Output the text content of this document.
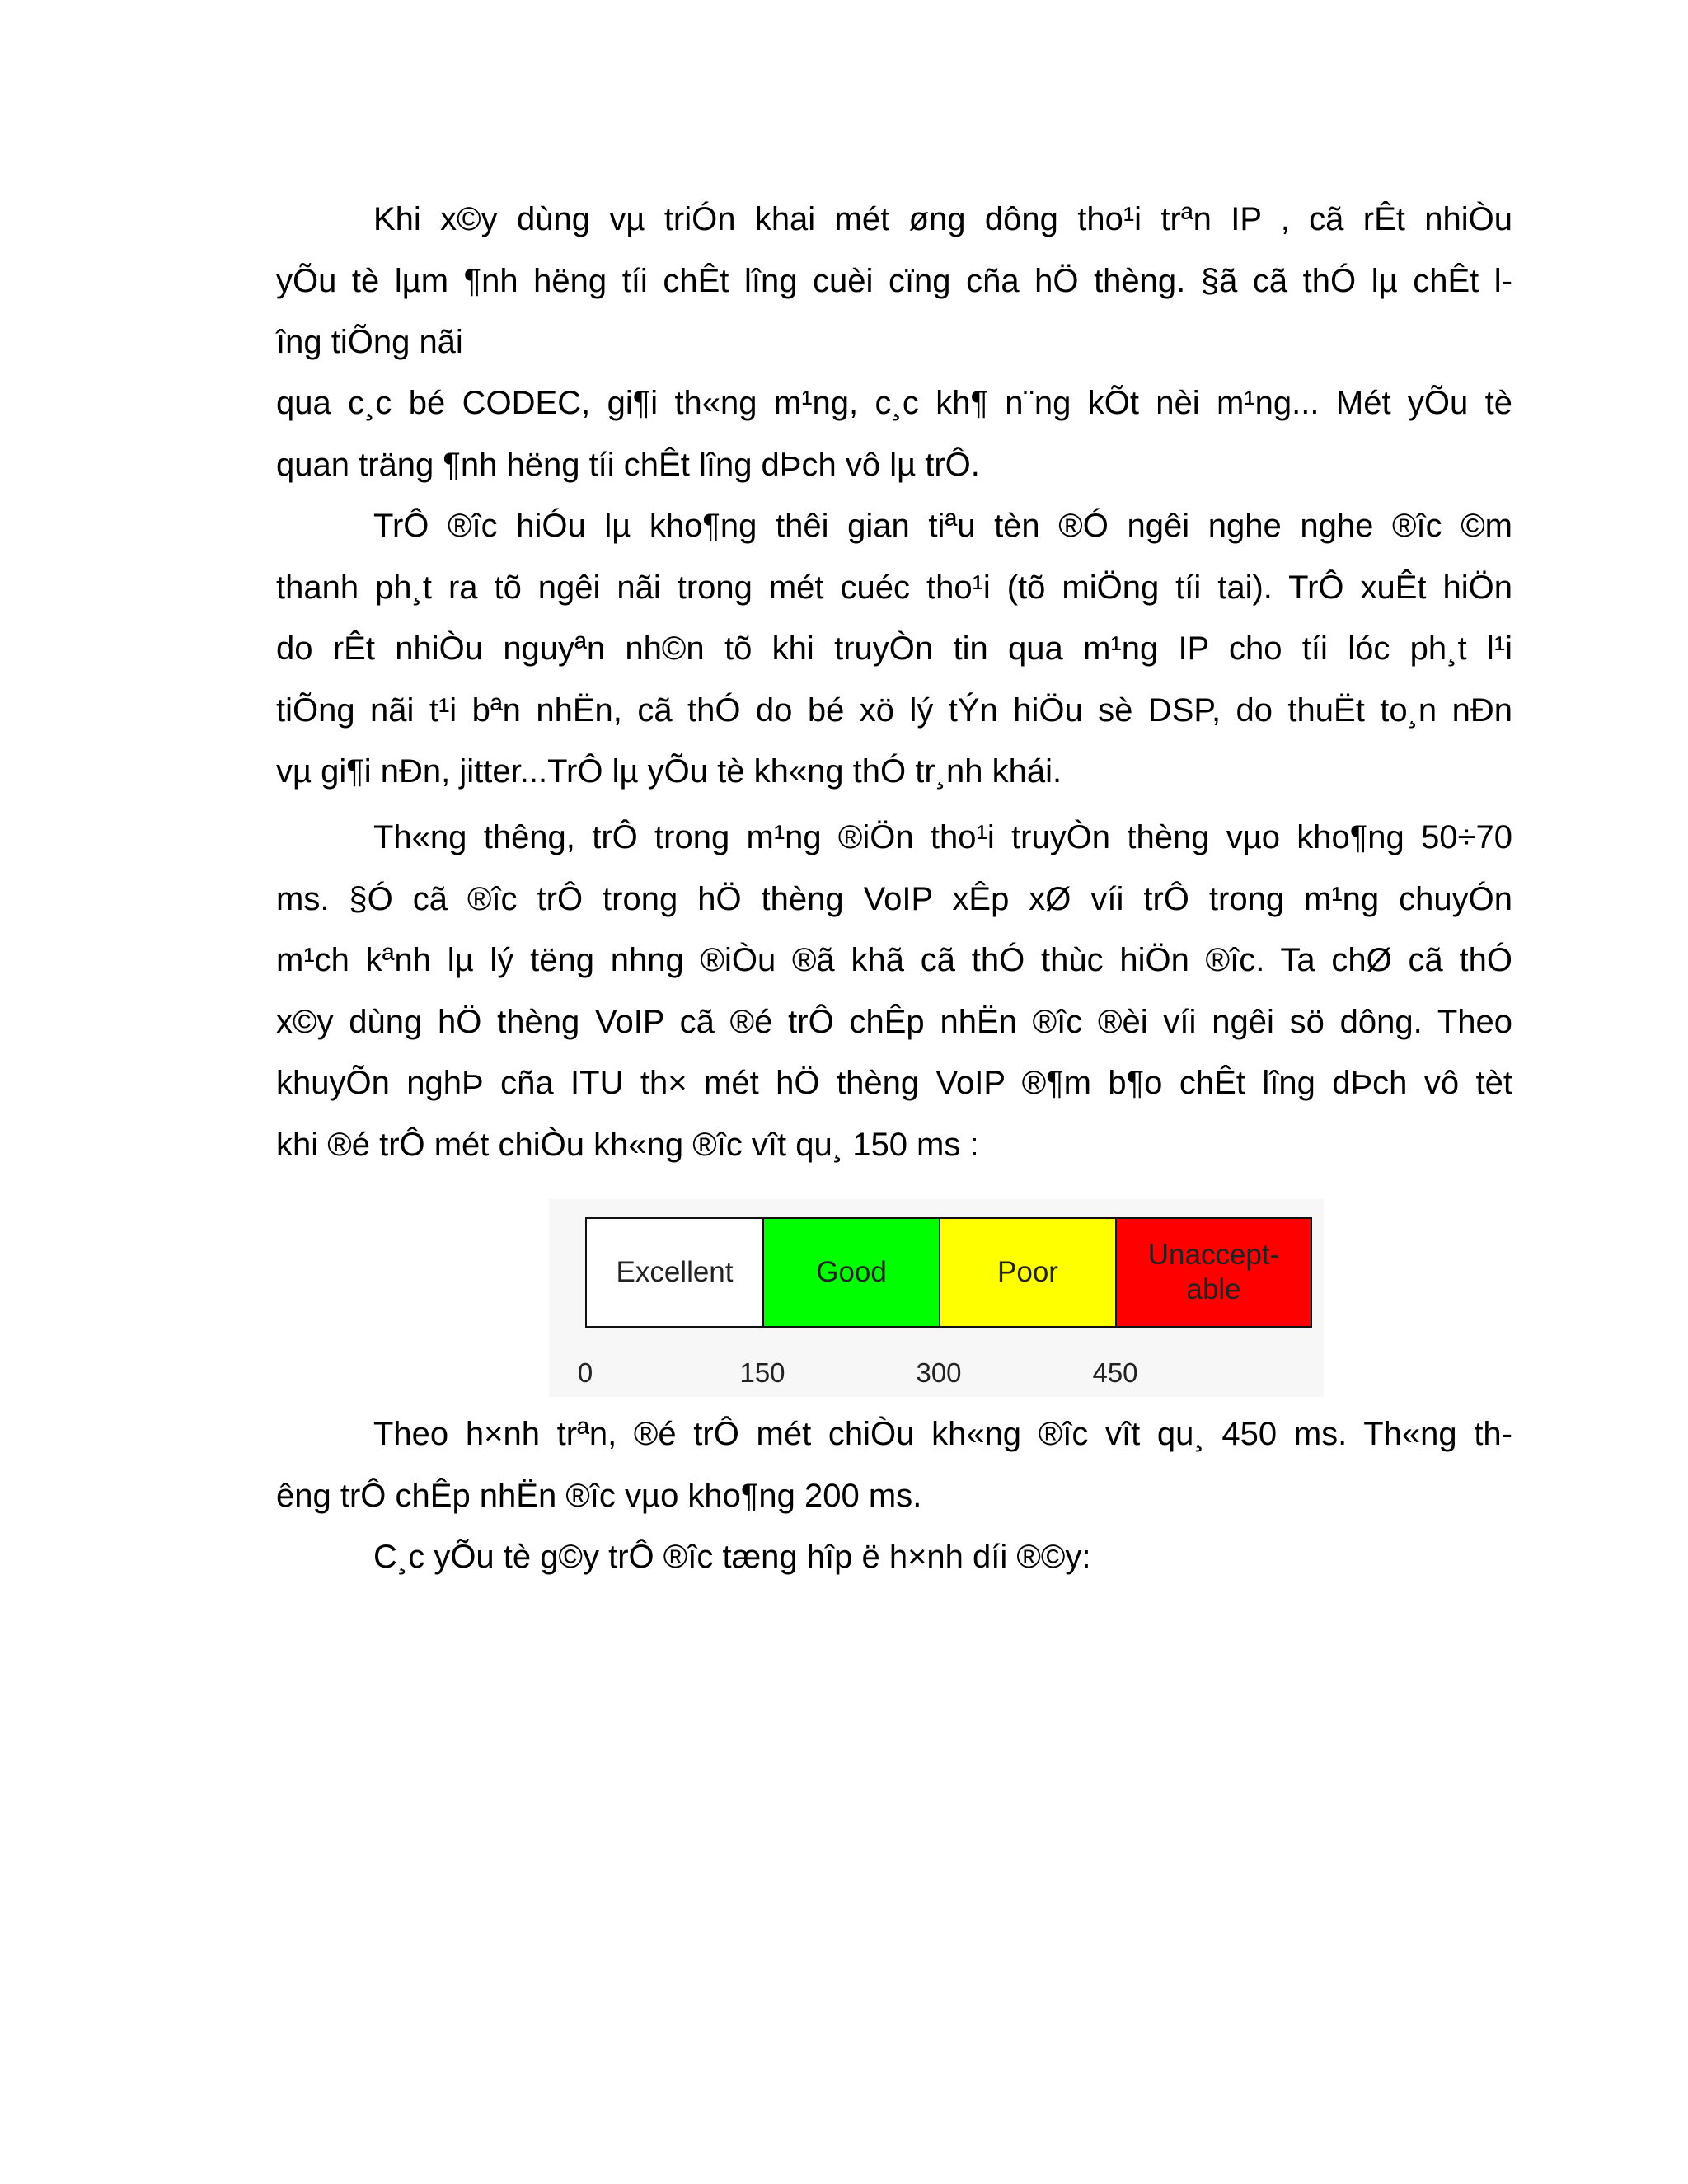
Khi x©y dùng vµ triÓn khai mét øng dông tho¹i trªn IP , cã rÊt nhiÒu
yÕu tè lµm ¶nh hëng tíi chÊt lîng cuèi cïng cña hÖ thèng. §ã cã thÓ lµ chÊt l-
îng tiÕng nãi
qua c¸c bé CODEC, gi¶i th«ng m¹ng, c¸c kh¶ n¨ng kÕt nèi m¹ng... Mét yÕu tè
quan träng ¶nh hëng tíi chÊt lîng dÞch vô lµ trÔ.
TrÔ ®îc hiÓu lµ kho¶ng thêi gian tiªu tèn ®Ó ngêi nghe nghe ®îc ©m
thanh ph¸t ra tõ ngêi nãi trong mét cuéc tho¹i (tõ miÖng tíi tai). TrÔ xuÊt hiÖn
do rÊt nhiÒu nguyªn nh©n tõ khi truyÒn tin qua m¹ng IP cho tíi lóc ph¸t l¹i
tiÕng nãi t¹i bªn nhËn, cã thÓ do bé xö lý tÝn hiÖu sè DSP, do thuËt to¸n nÐn
vµ gi¶i nÐn, jitter...TrÔ lµ yÕu tè kh«ng thÓ tr¸nh khái.
Th«ng thêng, trÔ trong m¹ng ®iÖn tho¹i truyÒn thèng vµo kho¶ng 50÷70
ms. §Ó cã ®îc trÔ trong hÖ thèng VoIP xÊp xØ víi trÔ trong m¹ng chuyÓn
m¹ch kªnh lµ lý tëng nhng ®iÒu ®ã khã cã thÓ thùc hiÖn ®îc. Ta chØ cã thÓ
x©y dùng hÖ thèng VoIP cã ®é trÔ chÊp nhËn ®îc ®èi víi ngêi sö dông. Theo
khuyÕn nghÞ cña ITU th× mét hÖ thèng VoIP ®¶m b¶o chÊt lîng dÞch vô tèt
khi ®é trÔ mét chiÒu kh«ng ®îc vît qu¸ 150 ms :
Excellent	Good	Poor
Unaccept-
able
0	150	300	450
Theo h×nh trªn, ®é trÔ mét chiÒu kh«ng ®îc vît qu¸ 450 ms. Th«ng th-
êng trÔ chÊp nhËn ®îc vµo kho¶ng 200 ms.
C¸c yÕu tè g©y trÔ ®îc tæng hîp ë h×nh díi ®©y:
